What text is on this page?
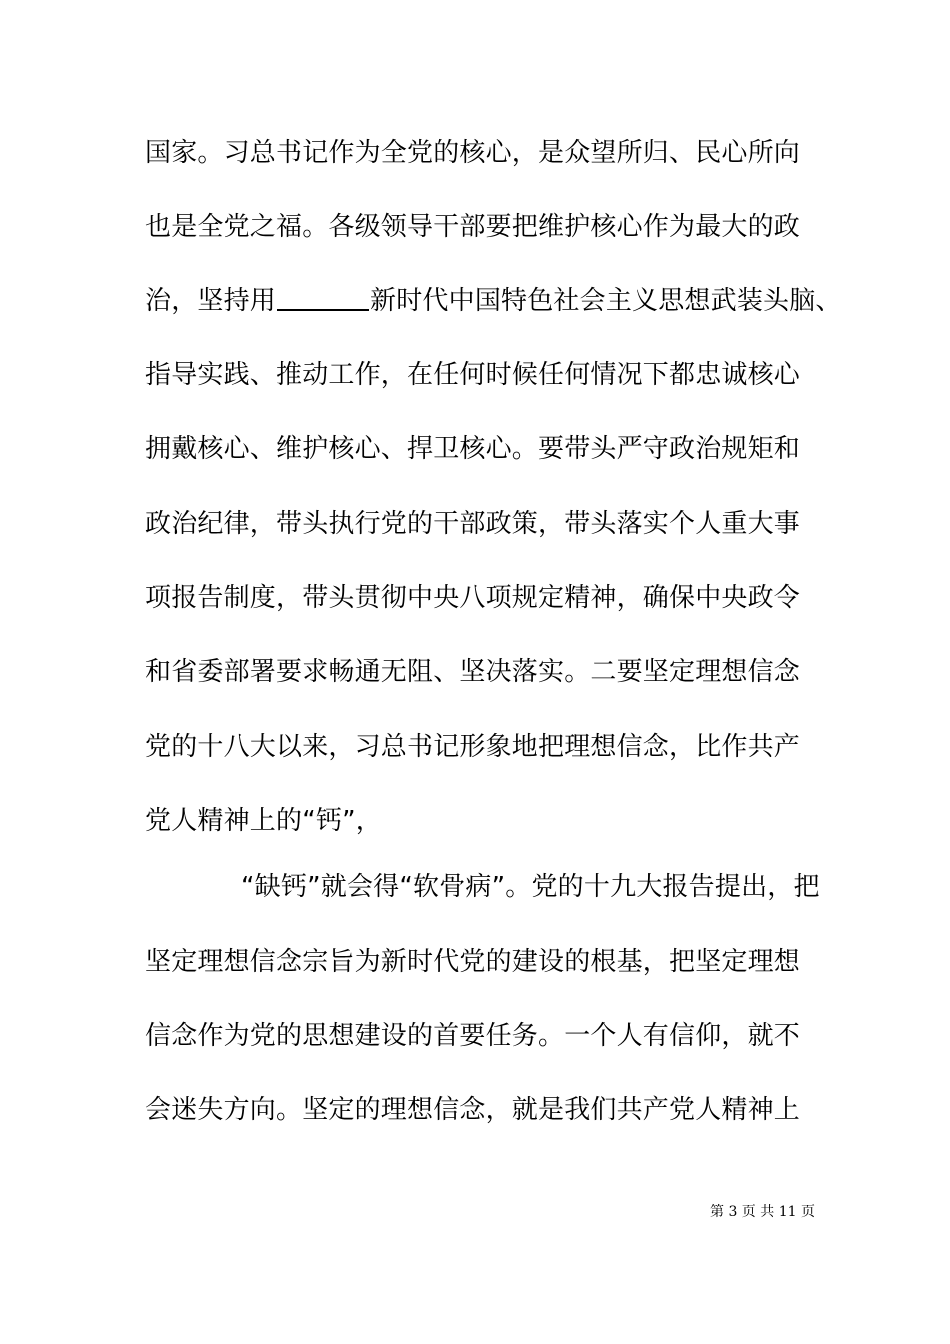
国家。习总书记作为全党的核心，是众望所归、民心所向
也是全党之福。各级领导干部要把维护核心作为最大的政
治，坚持用	新时代中国特色社会主义思想武装头脑、
指导实践、推动工作，在任何时候任何情况下都忠诚核心
拥戴核心、维护核心、捍卫核心。要带头严守政治规矩和
政治纪律，带头执行党的干部政策，带头落实个人重大事
项报告制度，带头贯彻中央八项规定精神，确保中央政令
和省委部署要求畅通无阻、坚决落实。二要坚定理想信念
党的十八大以来，习总书记形象地把理想信念，比作共产
党人精神上的“钙”，
“缺钙”就会得“软骨病”。党的十九大报告提出，把
坚定理想信念宗旨为新时代党的建设的根基，把坚定理想
信念作为党的思想建设的首要任务。一个人有信仰，就不
会迷失方向。坚定的理想信念，就是我们共产党人精神上
第 3 页 共 11 页
